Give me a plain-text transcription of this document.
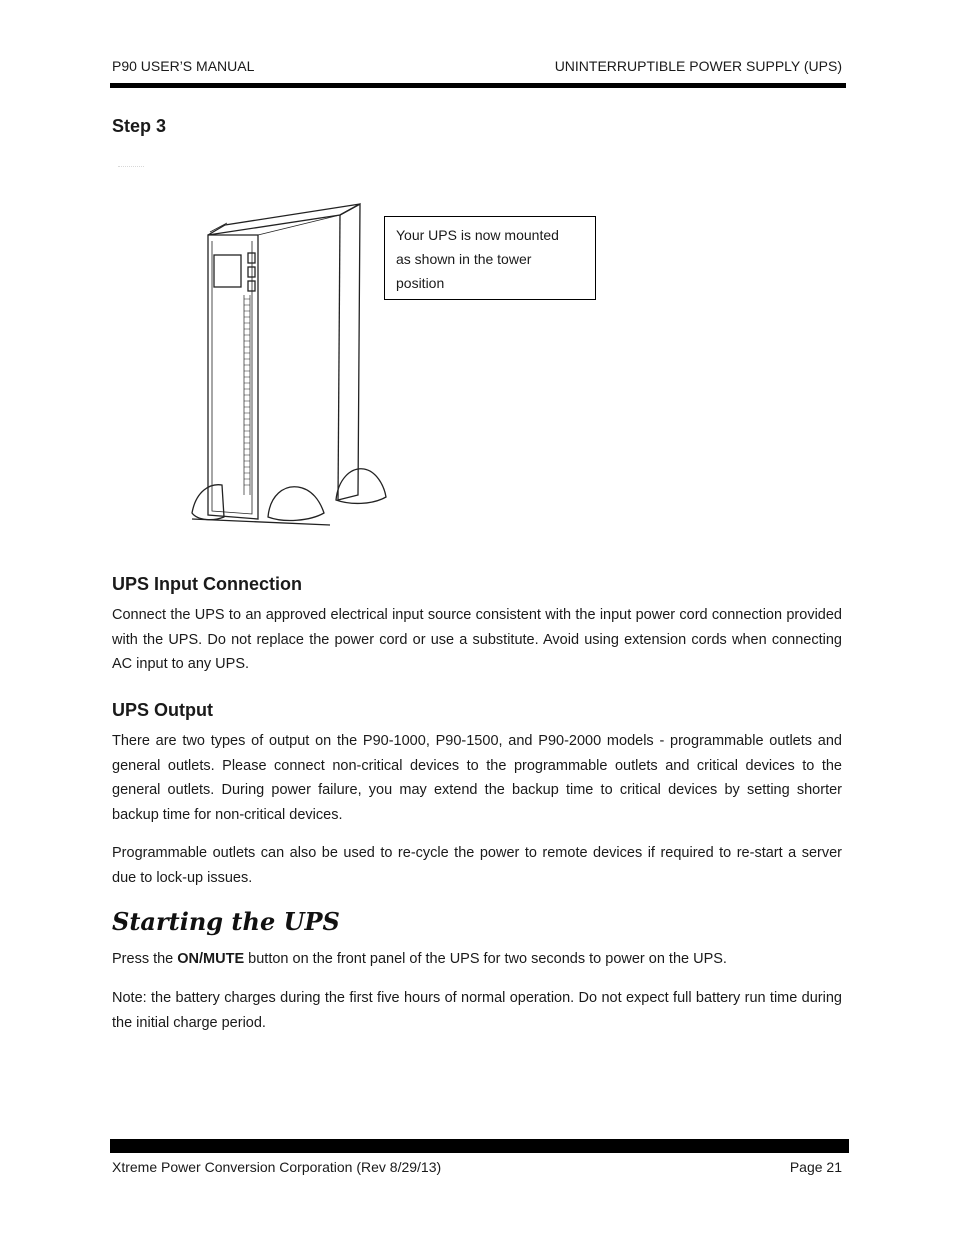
P90 USER’S MANUAL	UNINTERRUPTIBLE POWER SUPPLY (UPS)
Step 3
Your UPS is now mounted
as shown in the tower
position
UPS Input Connection

Connect the UPS to an approved electrical input source consistent with the input power cord connection provided with the UPS. Do not replace the power cord or use a substitute. Avoid using extension cords when connecting AC input to any UPS.

UPS Output

There are two types of output on the P90-1000, P90-1500, and P90-2000 models - programmable outlets and general outlets. Please connect non-critical devices to the programmable outlets and critical devices to the general outlets. During power failure, you may extend the backup time to critical devices by setting shorter backup time for non-critical devices.

Programmable outlets can also be used to re-cycle the power to remote devices if required to re-start a server due to lock-up issues.

Starting the UPS

Press the ON/MUTE button on the front panel of the UPS for two seconds to power on the UPS.

Note: the battery charges during the first five hours of normal operation. Do not expect full battery run time during the initial charge period.

Xtreme Power Conversion Corporation (Rev 8/29/13)	Page 21
